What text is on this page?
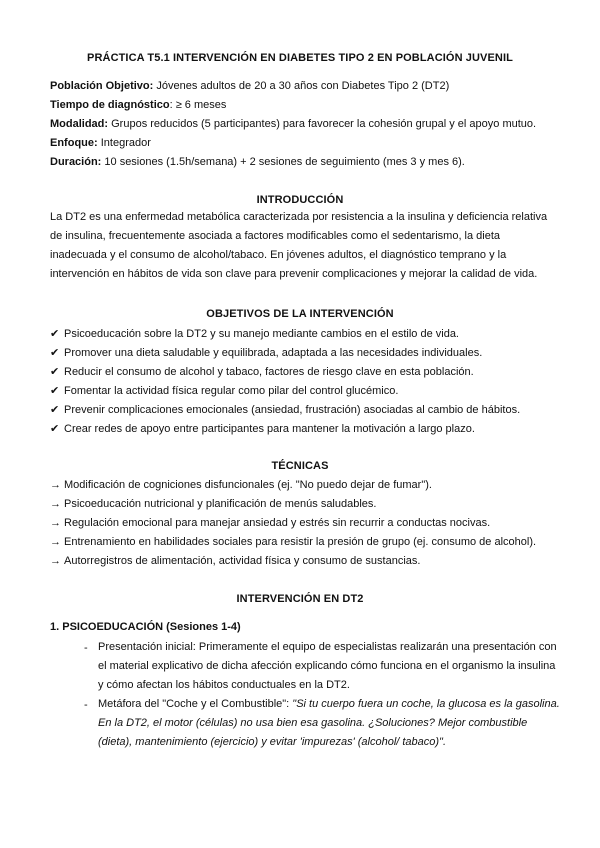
PRÁCTICA T5.1 INTERVENCIÓN EN DIABETES TIPO 2 EN POBLACIÓN JUVENIL
Población Objetivo: Jóvenes adultos de 20 a 30 años con Diabetes Tipo 2 (DT2)
Tiempo de diagnóstico: ≥ 6 meses
Modalidad: Grupos reducidos (5 participantes) para favorecer la cohesión grupal y el apoyo mutuo.
Enfoque: Integrador
Duración: 10 sesiones (1.5h/semana) + 2 sesiones de seguimiento (mes 3 y mes 6).
INTRODUCCIÓN
La DT2 es una enfermedad metabólica caracterizada por resistencia a la insulina y deficiencia relativa de insulina, frecuentemente asociada a factores modificables como el sedentarismo, la dieta inadecuada y el consumo de alcohol/tabaco. En jóvenes adultos, el diagnóstico temprano y la intervención en hábitos de vida son clave para prevenir complicaciones y mejorar la calidad de vida.
OBJETIVOS DE LA INTERVENCIÓN
✔ Psicoeducación sobre la DT2 y su manejo mediante cambios en el estilo de vida.
✔ Promover una dieta saludable y equilibrada, adaptada a las necesidades individuales.
✔ Reducir el consumo de alcohol y tabaco, factores de riesgo clave en esta población.
✔ Fomentar la actividad física regular como pilar del control glucémico.
✔ Prevenir complicaciones emocionales (ansiedad, frustración) asociadas al cambio de hábitos.
✔ Crear redes de apoyo entre participantes para mantener la motivación a largo plazo.
TÉCNICAS
→ Modificación de cogniciones disfuncionales (ej. "No puedo dejar de fumar").
→ Psicoeducación nutricional y planificación de menús saludables.
→ Regulación emocional para manejar ansiedad y estrés sin recurrir a conductas nocivas.
→ Entrenamiento en habilidades sociales para resistir la presión de grupo (ej. consumo de alcohol).
→ Autorregistros de alimentación, actividad física y consumo de sustancias.
INTERVENCIÓN EN DT2
1. PSICOEDUCACIÓN (Sesiones 1-4)
- Presentación inicial: Primeramente el equipo de especialistas realizarán una presentación con el material explicativo de dicha afección explicando cómo funciona en el organismo la insulina y cómo afectan los hábitos conductuales en la DT2.
- Metáfora del "Coche y el Combustible": "Si tu cuerpo fuera un coche, la glucosa es la gasolina. En la DT2, el motor (células) no usa bien esa gasolina. ¿Soluciones? Mejor combustible (dieta), mantenimiento (ejercicio) y evitar 'impurezas' (alcohol/ tabaco)".
